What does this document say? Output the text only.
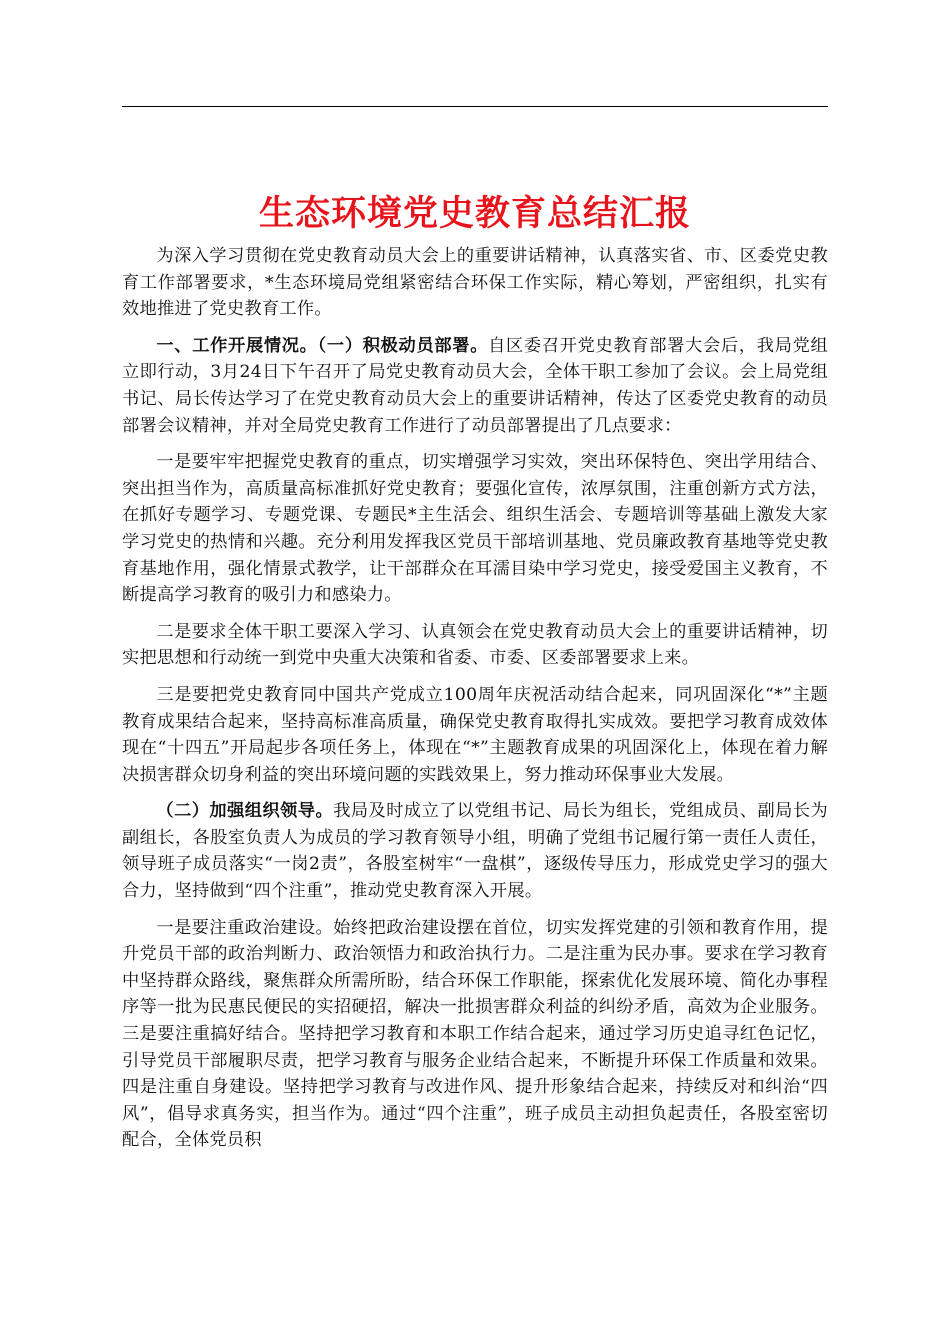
生态环境党史教育总结汇报

为深入学习贯彻在党史教育动员大会上的重要讲话精神，认真落实省、市、区委党史教育工作部署要求，*生态环境局党组紧密结合环保工作实际，精心筹划，严密组织，扎实有效地推进了党史教育工作。

一、工作开展情况。（一）积极动员部署。自区委召开党史教育部署大会后，我局党组立即行动，3月24日下午召开了局党史教育动员大会，全体干职工参加了会议。会上局党组书记、局长传达学习了在党史教育动员大会上的重要讲话精神，传达了区委党史教育的动员部署会议精神，并对全局党史教育工作进行了动员部署提出了几点要求：

一是要牢牢把握党史教育的重点，切实增强学习实效，突出环保特色、突出学用结合、突出担当作为，高质量高标准抓好党史教育；要强化宣传，浓厚氛围，注重创新方式方法，在抓好专题学习、专题党课、专题民*主生活会、组织生活会、专题培训等基础上激发大家学习党史的热情和兴趣。充分利用发挥我区党员干部培训基地、党员廉政教育基地等党史教育基地作用，强化情景式教学，让干部群众在耳濡目染中学习党史，接受爱国主义教育，不断提高学习教育的吸引力和感染力。

二是要求全体干职工要深入学习、认真领会在党史教育动员大会上的重要讲话精神，切实把思想和行动统一到党中央重大决策和省委、市委、区委部署要求上来。

三是要把党史教育同中国共产党成立100周年庆祝活动结合起来，同巩固深化“*”主题教育成果结合起来，坚持高标准高质量，确保党史教育取得扎实成效。要把学习教育成效体现在“十四五”开局起步各项任务上，体现在“*”主题教育成果的巩固深化上，体现在着力解决损害群众切身利益的突出环境问题的实践效果上，努力推动环保事业大发展。

（二）加强组织领导。我局及时成立了以党组书记、局长为组长，党组成员、副局长为副组长，各股室负责人为成员的学习教育领导小组，明确了党组书记履行第一责任人责任，领导班子成员落实“一岗2责”，各股室树牢“一盘棋”，逐级传导压力，形成党史学习的强大合力，坚持做到“四个注重”，推动党史教育深入开展。

一是要注重政治建设。始终把政治建设摆在首位，切实发挥党建的引领和教育作用，提升党员干部的政治判断力、政治领悟力和政治执行力。二是注重为民办事。要求在学习教育中坚持群众路线，聚焦群众所需所盼，结合环保工作职能，探索优化发展环境、简化办事程序等一批为民惠民便民的实招硬招，解决一批损害群众利益的纠纷矛盾，高效为企业服务。三是要注重搞好结合。坚持把学习教育和本职工作结合起来，通过学习历史追寻红色记忆，引导党员干部履职尽责，把学习教育与服务企业结合起来，不断提升环保工作质量和效果。四是注重自身建设。坚持把学习教育与改进作风、提升形象结合起来，持续反对和纠治“四风”，倡导求真务实，担当作为。通过“四个注重”，班子成员主动担负起责任，各股室密切配合，全体党员积
